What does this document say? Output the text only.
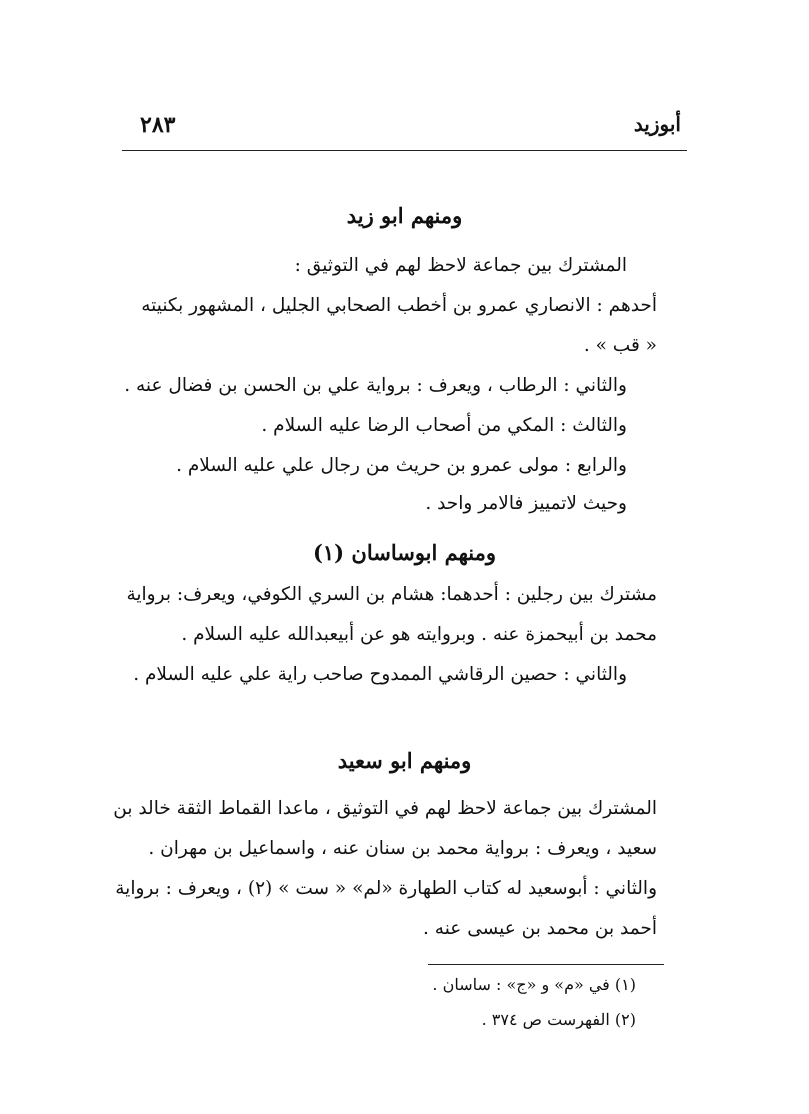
أبوزيد
٢٨٣
ومنهم ابو زيد
المشترك بين جماعة لاحظ لهم في التوثيق :
أحدهم : الانصاري عمرو بن أخطب الصحابي الجليل ، المشهور بكنيته
« قب » .
والثاني : الرطاب ، ويعرف : برواية علي بن الحسن بن فضال عنه .
والثالث : المكي من أصحاب الرضا عليه السلام .
والرابع : مولى عمرو بن حريث من رجال علي عليه السلام .
وحيث لاتمييز فالامر واحد .
ومنهم ابوساسان (١)
مشترك بين رجلين : أحدهما: هشام بن السري الكوفي، ويعرف: برواية
محمد بن أبيحمزة عنه . وبروايته هو عن أبيعبدالله عليه السلام .
والثاني : حصين الرقاشي الممدوح صاحب راية علي عليه السلام .
ومنهم ابو سعيد
المشترك بين جماعة لاحظ لهم في التوثيق ، ماعدا القماط الثقة خالد بن
سعيد ، ويعرف : برواية محمد بن سنان عنه ، واسماعيل بن مهران .
والثاني : أبوسعيد له كتاب الطهارة «لم» « ست » (٢) ، ويعرف : برواية
أحمد بن محمد بن عيسى عنه .
(١) في «م» و «ج» : ساسان .
(٢) الفهرست ص ٣٧٤ .
